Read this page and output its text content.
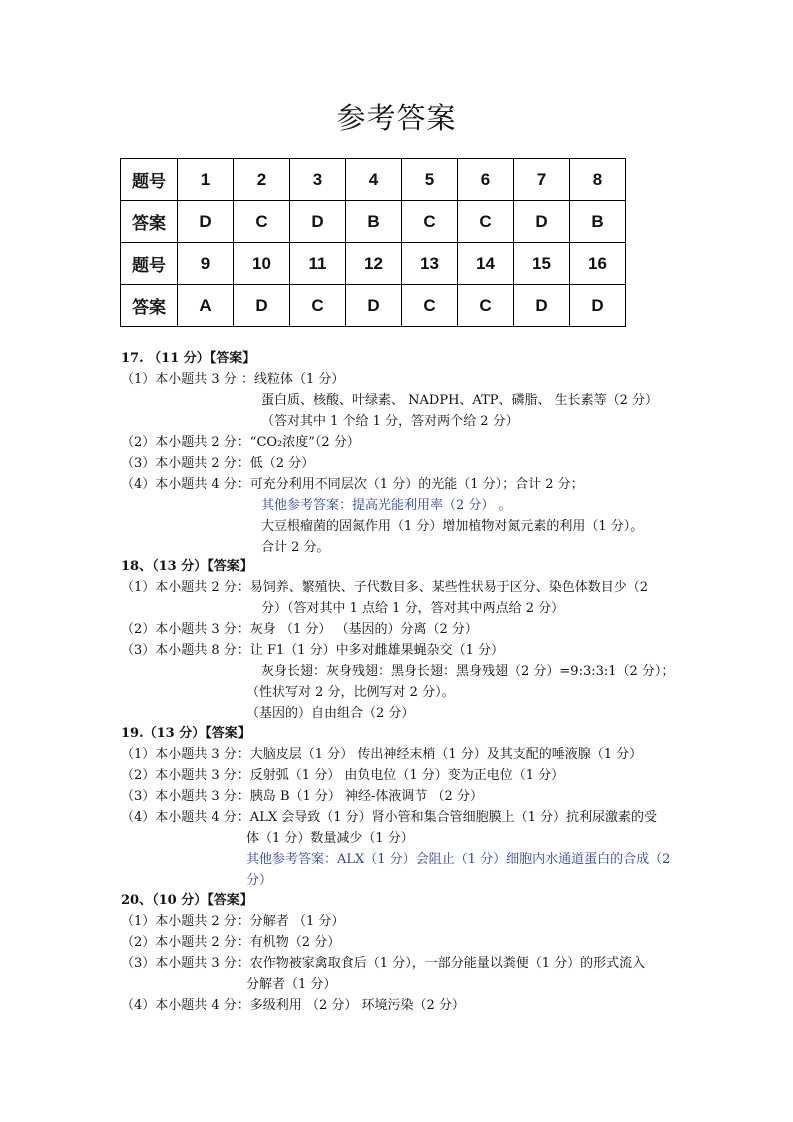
参考答案
题号	1	2	3	4	5	6	7	8
答案	D	C	D	B	C	C	D	B
题号	9	10	11	12	13	14	15	16
答案	A	D	C	D	C	C	D	D
17. （11 分）【答案】
（1）本小题共 3 分 ：线粒体（1 分）
蛋白质、核酸、叶绿素、 NADPH、ATP、磷脂、 生长素等（2 分）
（答对其中 1 个给 1 分，答对两个给 2 分）
（2）本小题共 2 分：“CO₂浓度”（2 分）
（3）本小题共 2 分：低（2 分）
（4）本小题共 4 分：可充分利用不同层次（1 分）的光能（1 分）；合计 2 分；
其他参考答案：提高光能利用率（2 分） 。
大豆根瘤菌的固氮作用（1 分）增加植物对氮元素的利用（1 分）。
合计 2 分。
18、（13 分）【答案】
（1）本小题共 2 分：易饲养、繁殖快、子代数目多、某些性状易于区分、染色体数目少（2
分）（答对其中 1 点给 1 分，答对其中两点给 2 分）
（2）本小题共 3 分：灰身 （1 分） （基因的）分离（2 分）
（3）本小题共 8 分：让 F1（1 分）中多对雌雄果蝇杂交（1 分）
灰身长翅：灰身残翅：黑身长翅：黑身残翅（2 分）=9:3:3:1（2 分）；
（性状写对 2 分，比例写对 2 分）。
（基因的）自由组合（2 分）
19.（13 分）【答案】
（1）本小题共 3 分：大脑皮层（1 分） 传出神经末梢（1 分）及其支配的唾液腺（1 分）
（2）本小题共 3 分：反射弧（1 分） 由负电位（1 分）变为正电位（1 分）
（3）本小题共 3 分：胰岛 B（1 分） 神经-体液调节 （2 分）
（4）本小题共 4 分：ALX 会导致（1 分）肾小管和集合管细胞膜上（1 分）抗利尿激素的受
体（1 分）数量减少（1 分）
其他参考答案：ALX（1 分）会阻止（1 分）细胞内水通道蛋白的合成（2
分）
20、（10 分）【答案】
（1）本小题共 2 分：分解者 （1 分）
（2）本小题共 2 分：有机物（2 分）
（3）本小题共 3 分：农作物被家禽取食后（1 分），一部分能量以粪便（1 分）的形式流入
分解者（1 分）
（4）本小题共 4 分：多级利用 （2 分） 环境污染（2 分）
